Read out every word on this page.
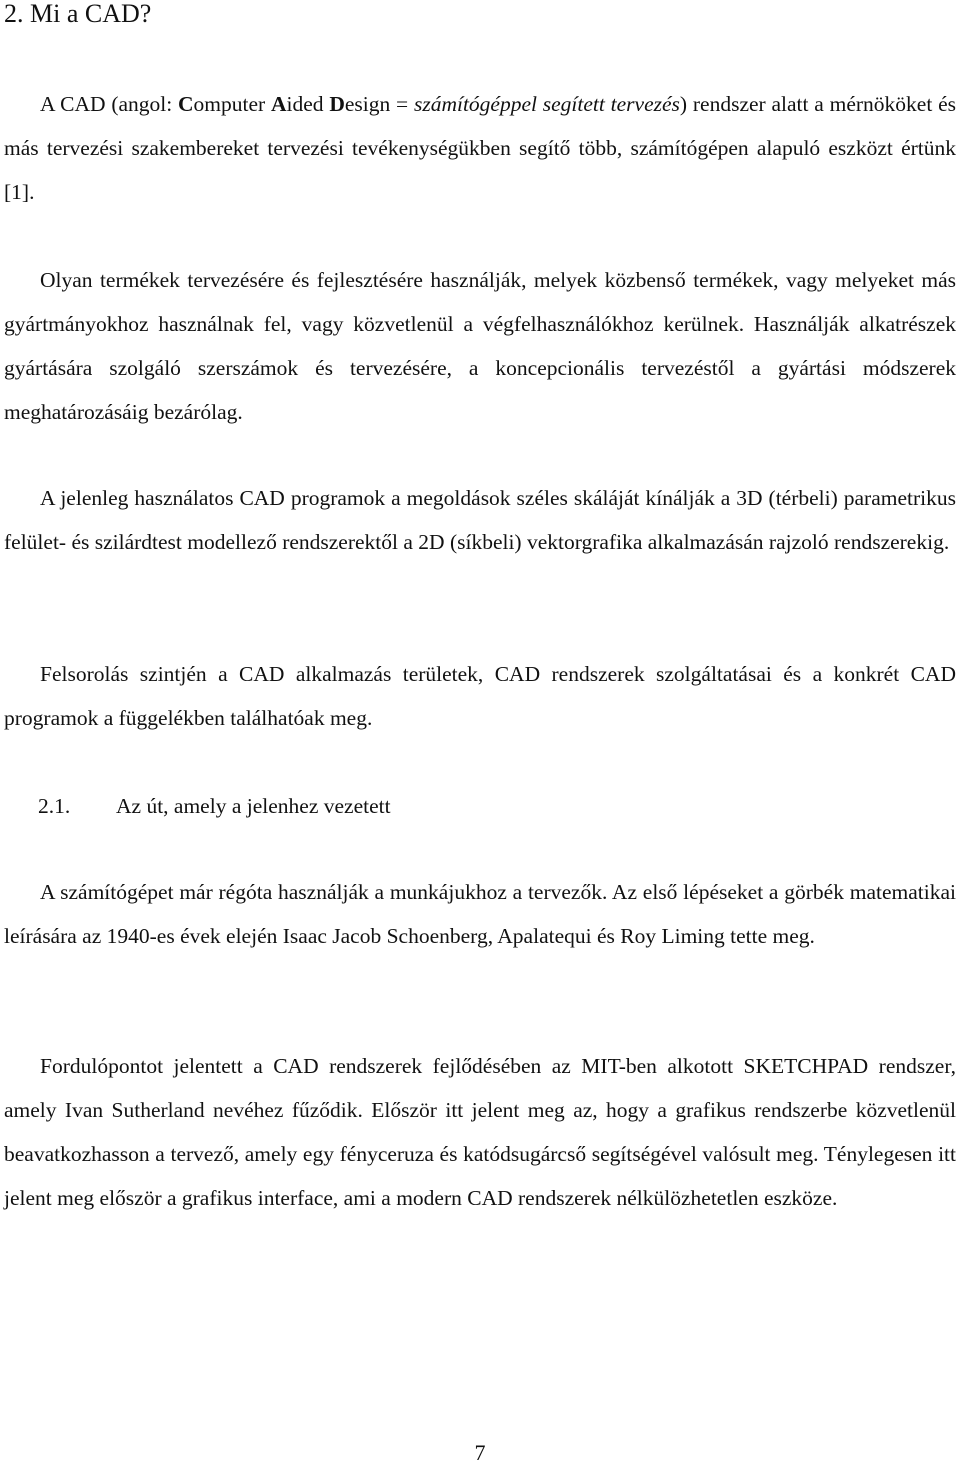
2. Mi a CAD?

A CAD (angol: Computer Aided Design = számítógéppel segített tervezés) rendszer alatt a mérnököket és más tervezési szakembereket tervezési tevékenységükben segítő több, számítógépen alapuló eszközt értünk [1].

Olyan termékek tervezésére és fejlesztésére használják, melyek közbenső termékek, vagy melyeket más gyártmányokhoz használnak fel, vagy közvetlenül a végfelhasználókhoz kerülnek. Használják alkatrészek gyártására szolgáló szerszámok és tervezésére, a koncepcionális tervezéstől a gyártási módszerek meghatározásáig bezárólag.

A jelenleg használatos CAD programok a megoldások széles skáláját kínálják a 3D (térbeli) parametrikus felület- és szilárdtest modellező rendszerektől a 2D (síkbeli) vektorgrafika alkalmazásán rajzoló rendszerekig.

Felsorolás szintjén a CAD alkalmazás területek, CAD rendszerek szolgáltatásai és a konkrét CAD programok a függelékben találhatóak meg.

2.1. Az út, amely a jelenhez vezetett

A számítógépet már régóta használják a munkájukhoz a tervezők. Az első lépéseket a görbék matematikai leírására az 1940-es évek elején Isaac Jacob Schoenberg, Apalatequi és Roy Liming tette meg.

Fordulópontot jelentett a CAD rendszerek fejlődésében az MIT-ben alkotott SKETCHPAD rendszer, amely Ivan Sutherland nevéhez fűződik. Először itt jelent meg az, hogy a grafikus rendszerbe közvetlenül beavatkozhasson a tervező, amely egy fényceruza és katódsugárcső segítségével valósult meg. Ténylegesen itt jelent meg először a grafikus interface, ami a modern CAD rendszerek nélkülözhetetlen eszköze.

7
